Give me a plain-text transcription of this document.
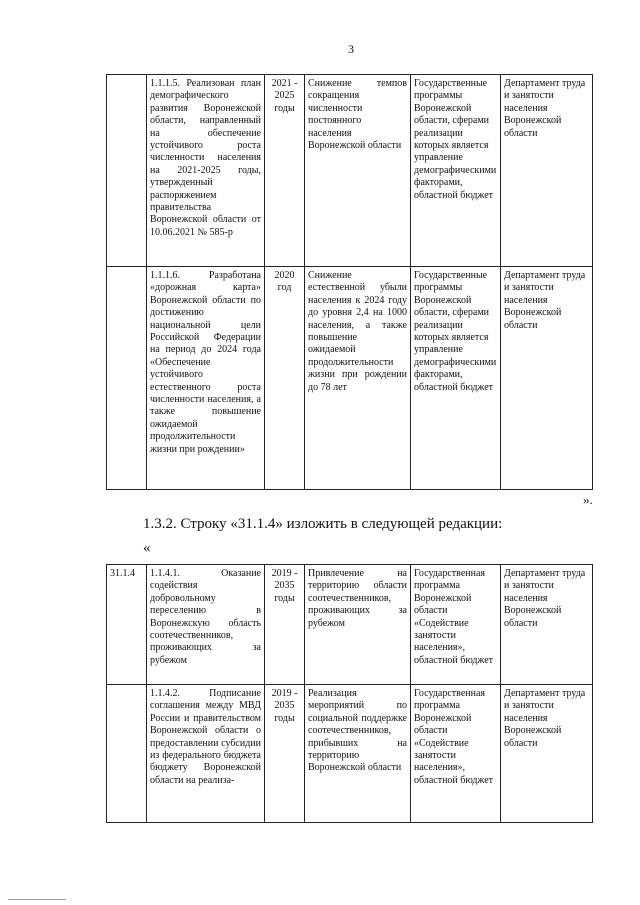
3
	1.1.1.5. Реализован план демографического развития Воронежской области, направленный на обеспечение устойчивого роста численности населения на 2021-2025 годы, утвержденный распоряжением правительства Воронежской области от 10.06.2021 № 585-р	2021 - 2025 годы	Снижение темпов сокращения численности постоянного населения Воронежской области	Государственные программы Воронежской области, сферами реализации которых является управление демографическими факторами, областной бюджет	Департамент труда и занятости населения Воронежской области
	1.1.1.6. Разработана «дорожная карта» Воронежской области по достижению национальной цели Российской Федерации на период до 2024 года «Обеспечение устойчивого естественного роста численности населения, а также повышение ожидаемой продолжительности жизни при рождении»	2020 год	Снижение естественной убыли населения к 2024 году до уровня 2,4 на 1000 населения, а также повышение ожидаемой продолжительности жизни при рождении до 78 лет	Государственные программы Воронежской области, сферами реализации которых является управление демографическими факторами, областной бюджет	Департамент труда и занятости населения Воронежской области
».
1.3.2. Строку «31.1.4» изложить в следующей редакции:
«
31.1.4	1.1.4.1. Оказание содействия добровольному переселению в Воронежскую область соотечественников, проживающих за рубежом	2019 - 2035 годы	Привлечение на территорию области соотечественников, проживающих за рубежом	Государственная программа Воронежской области «Содействие занятости населения», областной бюджет	Департамент труда и занятости населения Воронежской области
	1.1.4.2. Подписание соглашения между МВД России и правительством Воронежской области о предоставлении субсидии из федерального бюджета бюджету Воронежской области на реализа-	2019 - 2035 годы	Реализация мероприятий по социальной поддержке соотечественников, прибывших на территорию Воронежской области	Государственная программа Воронежской области «Содействие занятости населения», областной бюджет	Департамент труда и занятости населения Воронежской области
